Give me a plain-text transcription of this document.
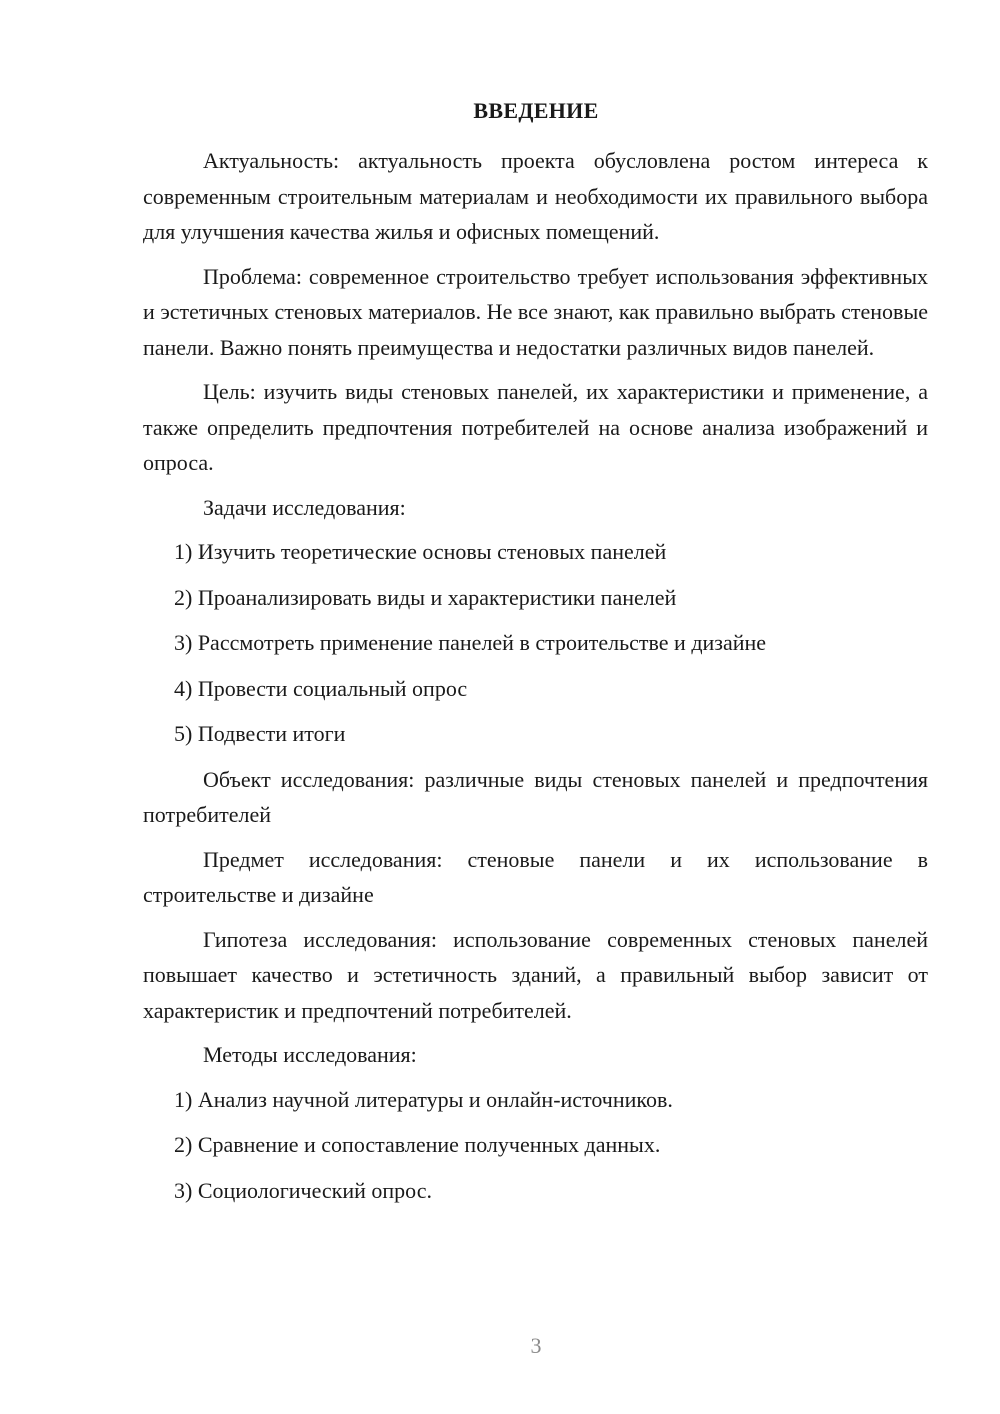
ВВЕДЕНИЕ

Актуальность: актуальность проекта обусловлена ростом интереса к современным строительным материалам и необходимости их правильного выбора для улучшения качества жилья и офисных помещений.

Проблема: современное строительство требует использования эффективных и эстетичных стеновых материалов. Не все знают, как правильно выбрать стеновые панели. Важно понять преимущества и недостатки различных видов панелей.

Цель: изучить виды стеновых панелей, их характеристики и применение, а также определить предпочтения потребителей на основе анализа изображений и опроса.

Задачи исследования:

1) Изучить теоретические основы стеновых панелей

2) Проанализировать виды и характеристики панелей

3) Рассмотреть применение панелей в строительстве и дизайне

4) Провести социальный опрос

5) Подвести итоги

Объект исследования: различные виды стеновых панелей и предпочтения потребителей

Предмет исследования: стеновые панели и их использование в строительстве и дизайне

Гипотеза исследования: использование современных стеновых панелей повышает качество и эстетичность зданий, а правильный выбор зависит от характеристик и предпочтений потребителей.

Методы исследования:

1) Анализ научной литературы и онлайн-источников.

2) Сравнение и сопоставление полученных данных.

3) Социологический опрос.

3
